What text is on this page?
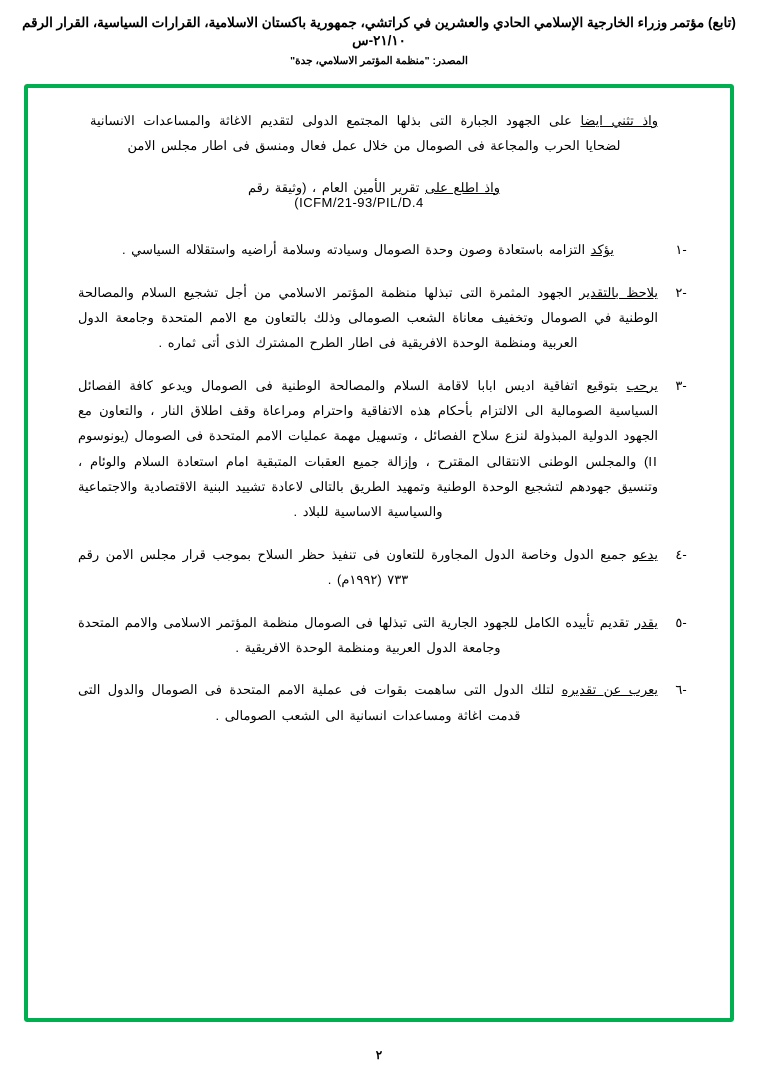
(تابع) مؤتمر وزراء الخارجية الإسلامي الحادي والعشرين في كراتشي، جمهورية باكستان الاسلامية، القرارات السياسية، القرار الرقم ٢١/١٠-س
المصدر: "منظمة المؤتمر الاسلامي، جدة"
واذ تثني ايضا على الجهود الجبارة التى بذلها المجتمع الدولى لتقديم الاغاثة والمساعدات الانسانية لضحايا الحرب والمجاعة فى الصومال من خلال عمل فعال ومنسق فى اطار مجلس الامن
واذ اطلع على تقرير الأمين العام ، (وثيقة رقم
(ICFM/21-93/PIL/D.4
-١
يؤكد التزامه باستعادة وصون وحدة الصومال وسيادته وسلامة أراضيه واستقلاله السياسي .
-٢
يلاحظ بالتقدير الجهود المثمرة التى تبذلها منظمة المؤتمر الاسلامي من أجل تشجيع السلام والمصالحة الوطنية في الصومال وتخفيف معاناة الشعب الصومالى وذلك بالتعاون مع الامم المتحدة وجامعة الدول العربية ومنظمة الوحدة الافريقية فى اطار الطرح المشترك الذى أتى ثماره .
-٣
يرحب بتوقيع اتفاقية اديس ابابا لاقامة السلام والمصالحة الوطنية فى الصومال ويدعو كافة الفصائل السياسية الصومالية الى الالتزام بأحكام هذه الاتفاقية واحترام ومراعاة وقف اطلاق النار ، والتعاون مع الجهود الدولية المبذولة لنزع سلاح الفصائل ، وتسهيل مهمة عمليات الامم المتحدة فى الصومال (يونوسوم II) والمجلس الوطنى الانتقالى المقترح ، وإزالة جميع العقبات المتبقية امام استعادة السلام والوئام ، وتنسيق جهودهم لتشجيع الوحدة الوطنية وتمهيد الطريق بالتالى لاعادة تشييد البنية الاقتصادية والاجتماعية والسياسية الاساسية للبلاد .
-٤
يدعو جميع الدول وخاصة الدول المجاورة للتعاون فى تنفيذ حظر السلاح بموجب قرار مجلس الامن رقم ٧٣٣ (١٩٩٢م) .
-٥
يقدر تقديم تأييده الكامل للجهود الجارية التى تبذلها فى الصومال منظمة المؤتمر الاسلامى والامم المتحدة وجامعة الدول العربية ومنظمة الوحدة الافريقية .
-٦
يعرب عن تقديره لتلك الدول التى ساهمت بقوات فى عملية الامم المتحدة فى الصومال والدول التى قدمت اغاثة ومساعدات انسانية الى الشعب الصومالى .
٢
